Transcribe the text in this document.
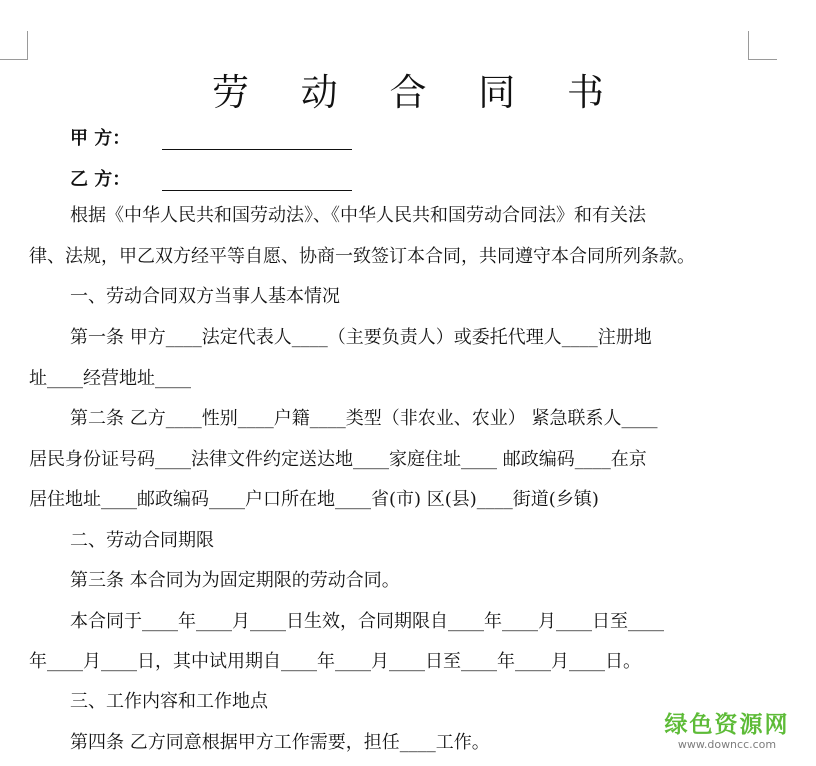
劳 动 合 同 书
甲 方：
乙 方：
根据《中华人民共和国劳动法》、《中华人民共和国劳动合同法》和有关法
律、法规，甲乙双方经平等自愿、协商一致签订本合同，共同遵守本合同所列条款。
一、劳动合同双方当事人基本情况
第一条 甲方____法定代表人____（主要负责人）或委托代理人____注册地
址____经营地址____
第二条 乙方____性别____户籍____类型（非农业、农业） 紧急联系人____
居民身份证号码____法律文件约定送达地____家庭住址____ 邮政编码____在京
居住地址____邮政编码____户口所在地____省(市) 区(县)____街道(乡镇)
二、劳动合同期限
第三条 本合同为为固定期限的劳动合同。
本合同于____年____月____日生效，合同期限自____年____月____日至____
年____月____日，其中试用期自____年____月____日至____年____月____日。
三、工作内容和工作地点
第四条 乙方同意根据甲方工作需要，担任____工作。
绿色资源网
www.downcc.com
